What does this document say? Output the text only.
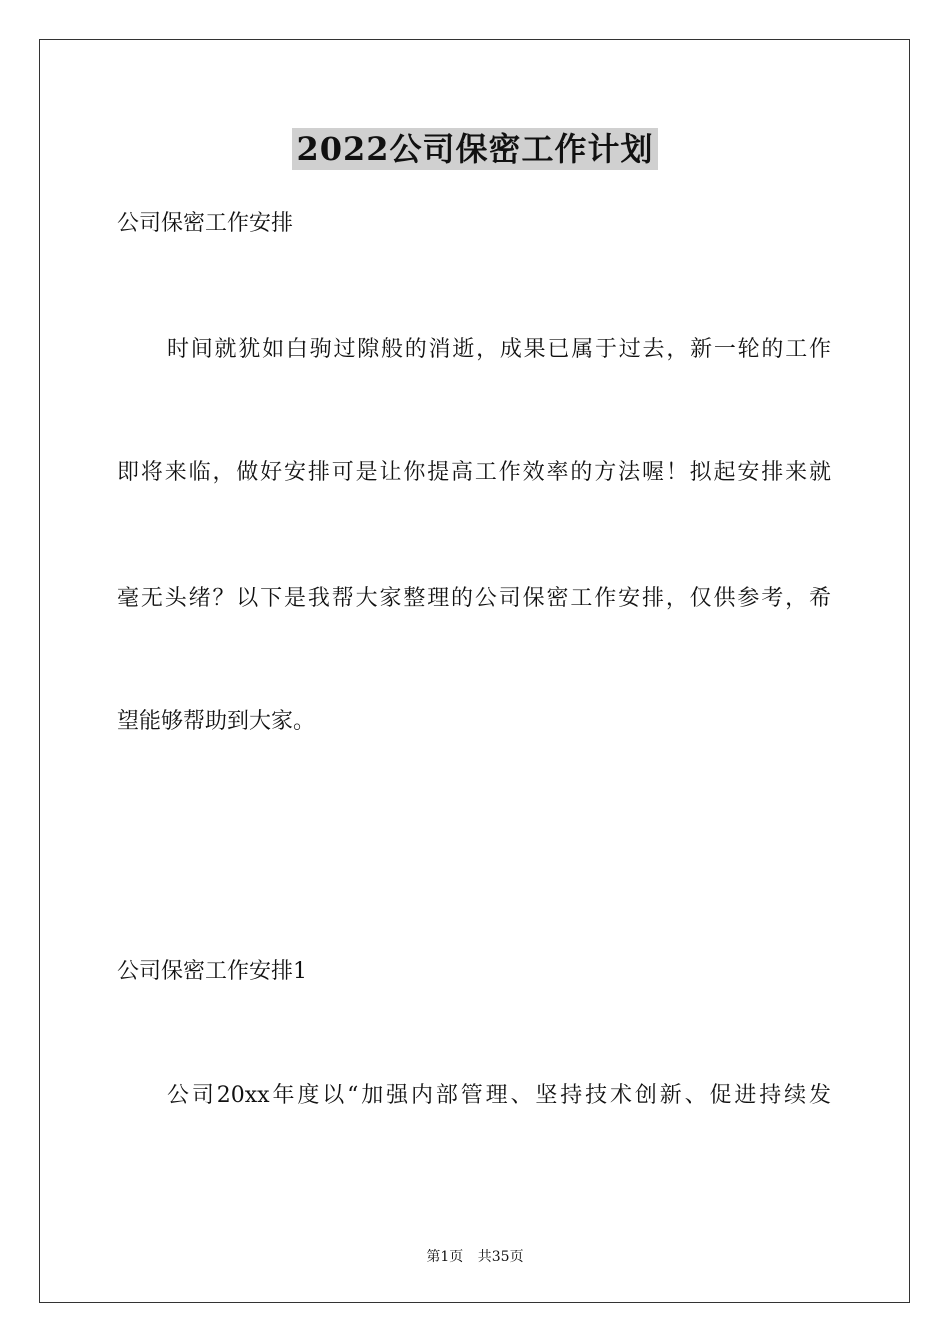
2022公司保密工作计划
公司保密工作安排
时间就犹如白驹过隙般的消逝，成果已属于过去，新一轮的工作
即将来临，做好安排可是让你提高工作效率的方法喔！拟起安排来就
毫无头绪？以下是我帮大家整理的公司保密工作安排，仅供参考，希
望能够帮助到大家。
公司保密工作安排1
公司20xx年度以“加强内部管理、坚持技术创新、促进持续发
第1页 共35页
